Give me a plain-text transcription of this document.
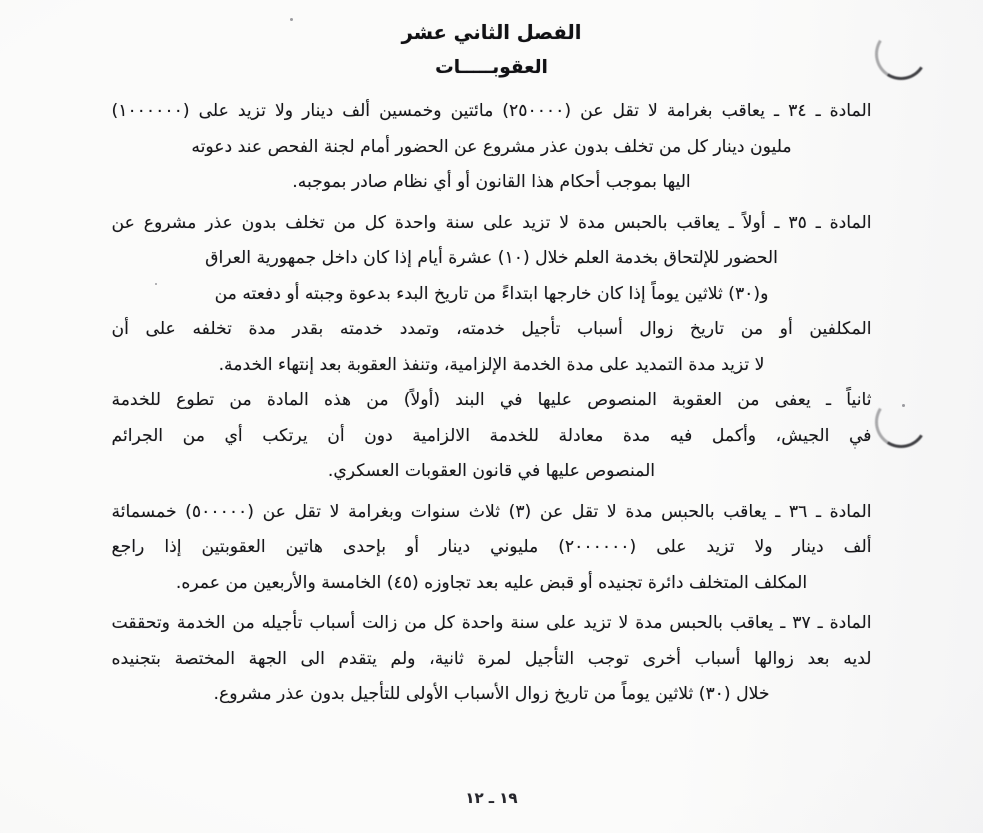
الفصل الثاني عشر
العقوبـــــات
المادة ـ ٣٤ ـ يعاقب بغرامة لا تقل عن (٢٥٠٠٠٠) مائتين وخمسين ألف دينار ولا تزيد على (١٠٠٠٠٠٠)
مليون دينار كل من تخلف بدون عذر مشروع عن الحضور أمام لجنة الفحص عند دعوته
اليها بموجب أحكام هذا القانون أو أي نظام صادر بموجبه.
المادة ـ ٣٥ ـ أولاً ـ يعاقب بالحبس مدة لا تزيد على سنة واحدة كل من تخلف بدون عذر مشروع عن
الحضور للإلتحاق بخدمة العلم خلال (١٠) عشرة أيام إذا كان داخل جمهورية العراق
و(٣٠) ثلاثين يوماً إذا كان خارجها ابتداءً من تاريخ البدء بدعوة وجبته أو دفعته من
المكلفين أو من تاريخ زوال أسباب تأجيل خدمته، وتمدد خدمته بقدر مدة تخلفه على أن
لا تزيد مدة التمديد على مدة الخدمة الإلزامية، وتنفذ العقوبة بعد إنتهاء الخدمة.
ثانياً ـ يعفى من العقوبة المنصوص عليها في البند (أولاً) من هذه المادة من تطوع للخدمة
في الجيش، وأكمل فيه مدة معادلة للخدمة الالزامية دون أن يرتكب أي من الجرائم
المنصوص عليها في قانون العقوبات العسكري.
المادة ـ ٣٦ ـ يعاقب بالحبس مدة لا تقل عن (٣) ثلاث سنوات وبغرامة لا تقل عن (٥٠٠٠٠٠) خمسمائة
ألف دينار ولا تزيد على (٢٠٠٠٠٠٠) مليوني دينار أو بإحدى هاتين العقوبتين إذا راجع
المكلف المتخلف دائرة تجنيده أو قبض عليه بعد تجاوزه (٤٥) الخامسة والأربعين من عمره.
المادة ـ ٣٧ ـ يعاقب بالحبس مدة لا تزيد على سنة واحدة كل من زالت أسباب تأجيله من الخدمة وتحققت
لديه بعد زوالها أسباب أخرى توجب التأجيل لمرة ثانية، ولم يتقدم الى الجهة المختصة بتجنيده
خلال (٣٠) ثلاثين يوماً من تاريخ زوال الأسباب الأولى للتأجيل بدون عذر مشروع.
١٩ ـ ١٢
